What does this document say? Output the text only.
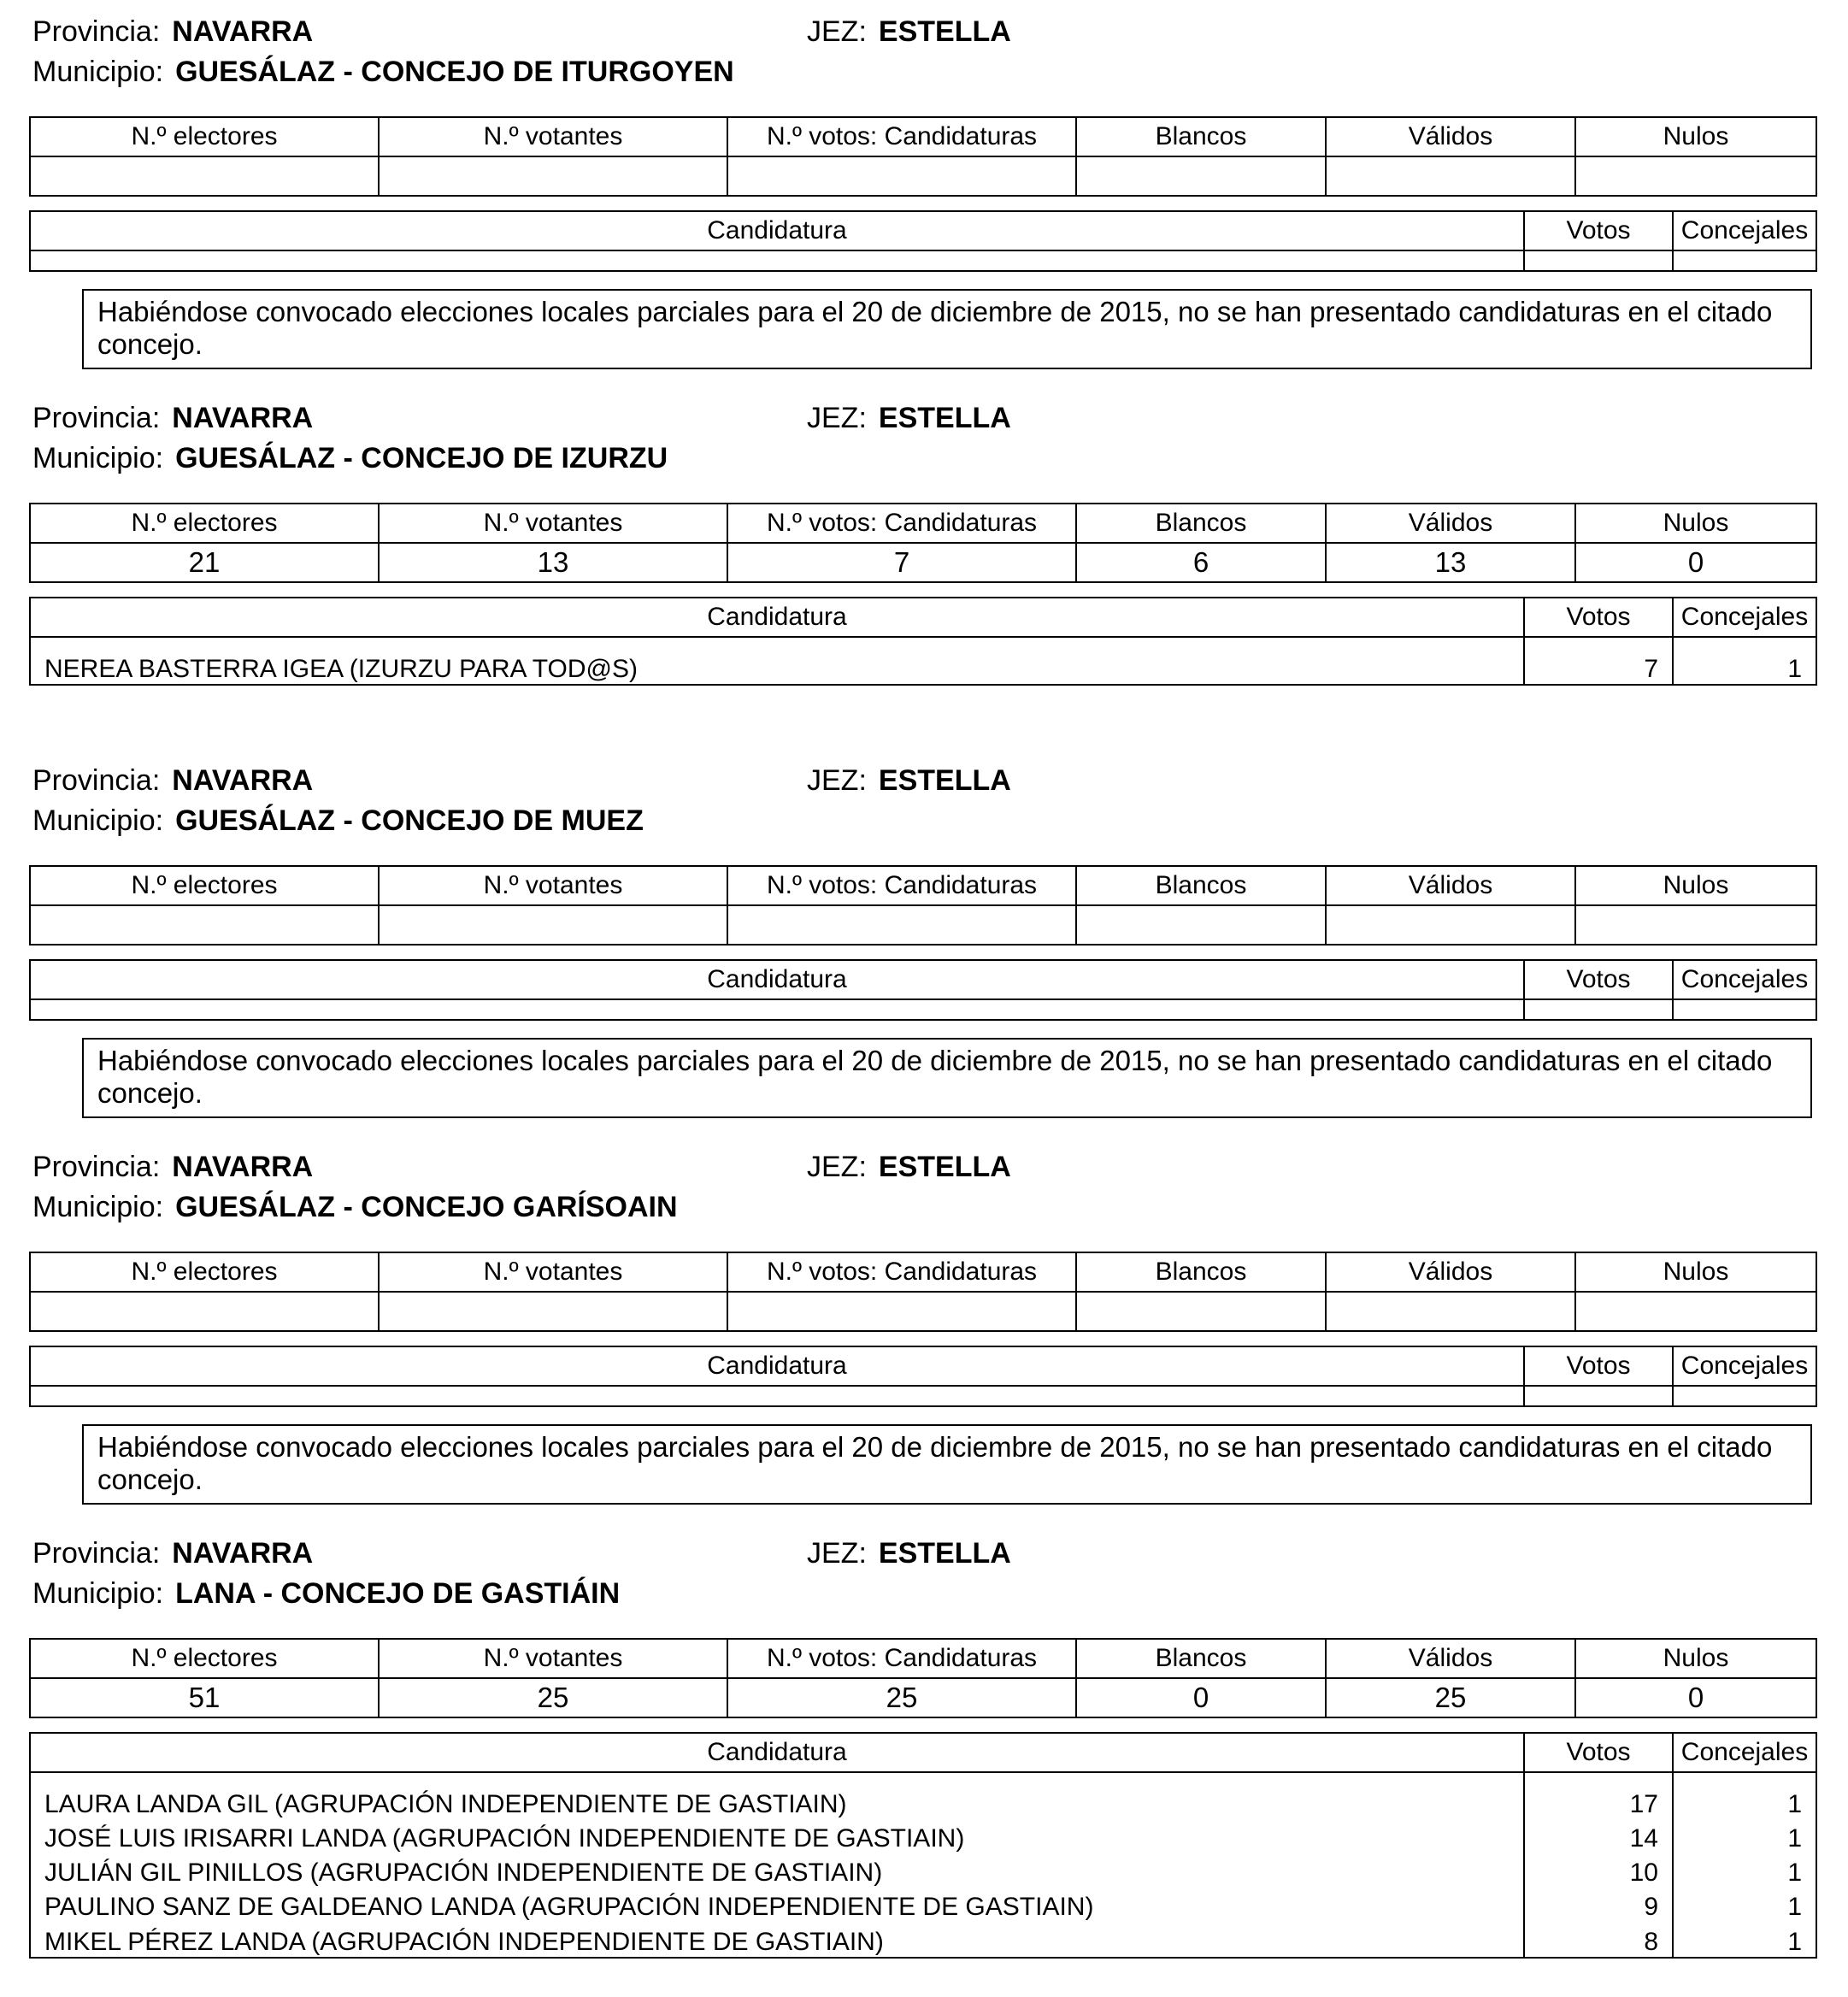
Provincia: NAVARRA	JEZ: ESTELLA
Municipio: GUESÁLAZ - CONCEJO DE ITURGOYEN
N.º electores	N.º votantes	N.º votos: Candidaturas	Blancos	Válidos	Nulos

Candidatura	Votos	Concejales

Habiéndose convocado elecciones locales parciales para el 20 de diciembre de 2015, no se han presentado candidaturas en el citado concejo.
Provincia: NAVARRA	JEZ: ESTELLA
Municipio: GUESÁLAZ - CONCEJO DE IZURZU
N.º electores	N.º votantes	N.º votos: Candidaturas	Blancos	Válidos	Nulos
21	13	7	6	13	0
Candidatura	Votos	Concejales
NEREA BASTERRA IGEA (IZURZU PARA TOD@S)	7	1
Provincia: NAVARRA	JEZ: ESTELLA
Municipio: GUESÁLAZ - CONCEJO DE MUEZ
N.º electores	N.º votantes	N.º votos: Candidaturas	Blancos	Válidos	Nulos

Candidatura	Votos	Concejales

Habiéndose convocado elecciones locales parciales para el 20 de diciembre de 2015, no se han presentado candidaturas en el citado concejo.
Provincia: NAVARRA	JEZ: ESTELLA
Municipio: GUESÁLAZ - CONCEJO GARÍSOAIN
N.º electores	N.º votantes	N.º votos: Candidaturas	Blancos	Válidos	Nulos

Candidatura	Votos	Concejales

Habiéndose convocado elecciones locales parciales para el 20 de diciembre de 2015, no se han presentado candidaturas en el citado concejo.
Provincia: NAVARRA	JEZ: ESTELLA
Municipio: LANA - CONCEJO DE GASTIÁIN
N.º electores	N.º votantes	N.º votos: Candidaturas	Blancos	Válidos	Nulos
51	25	25	0	25	0
Candidatura	Votos	Concejales
LAURA LANDA GIL (AGRUPACIÓN INDEPENDIENTE DE GASTIAIN)	17	1
JOSÉ LUIS IRISARRI LANDA (AGRUPACIÓN INDEPENDIENTE DE GASTIAIN)	14	1
JULIÁN GIL PINILLOS (AGRUPACIÓN INDEPENDIENTE DE GASTIAIN)	10	1
PAULINO SANZ DE GALDEANO LANDA (AGRUPACIÓN INDEPENDIENTE DE GASTIAIN)	9	1
MIKEL PÉREZ LANDA (AGRUPACIÓN INDEPENDIENTE DE GASTIAIN)	8	1
